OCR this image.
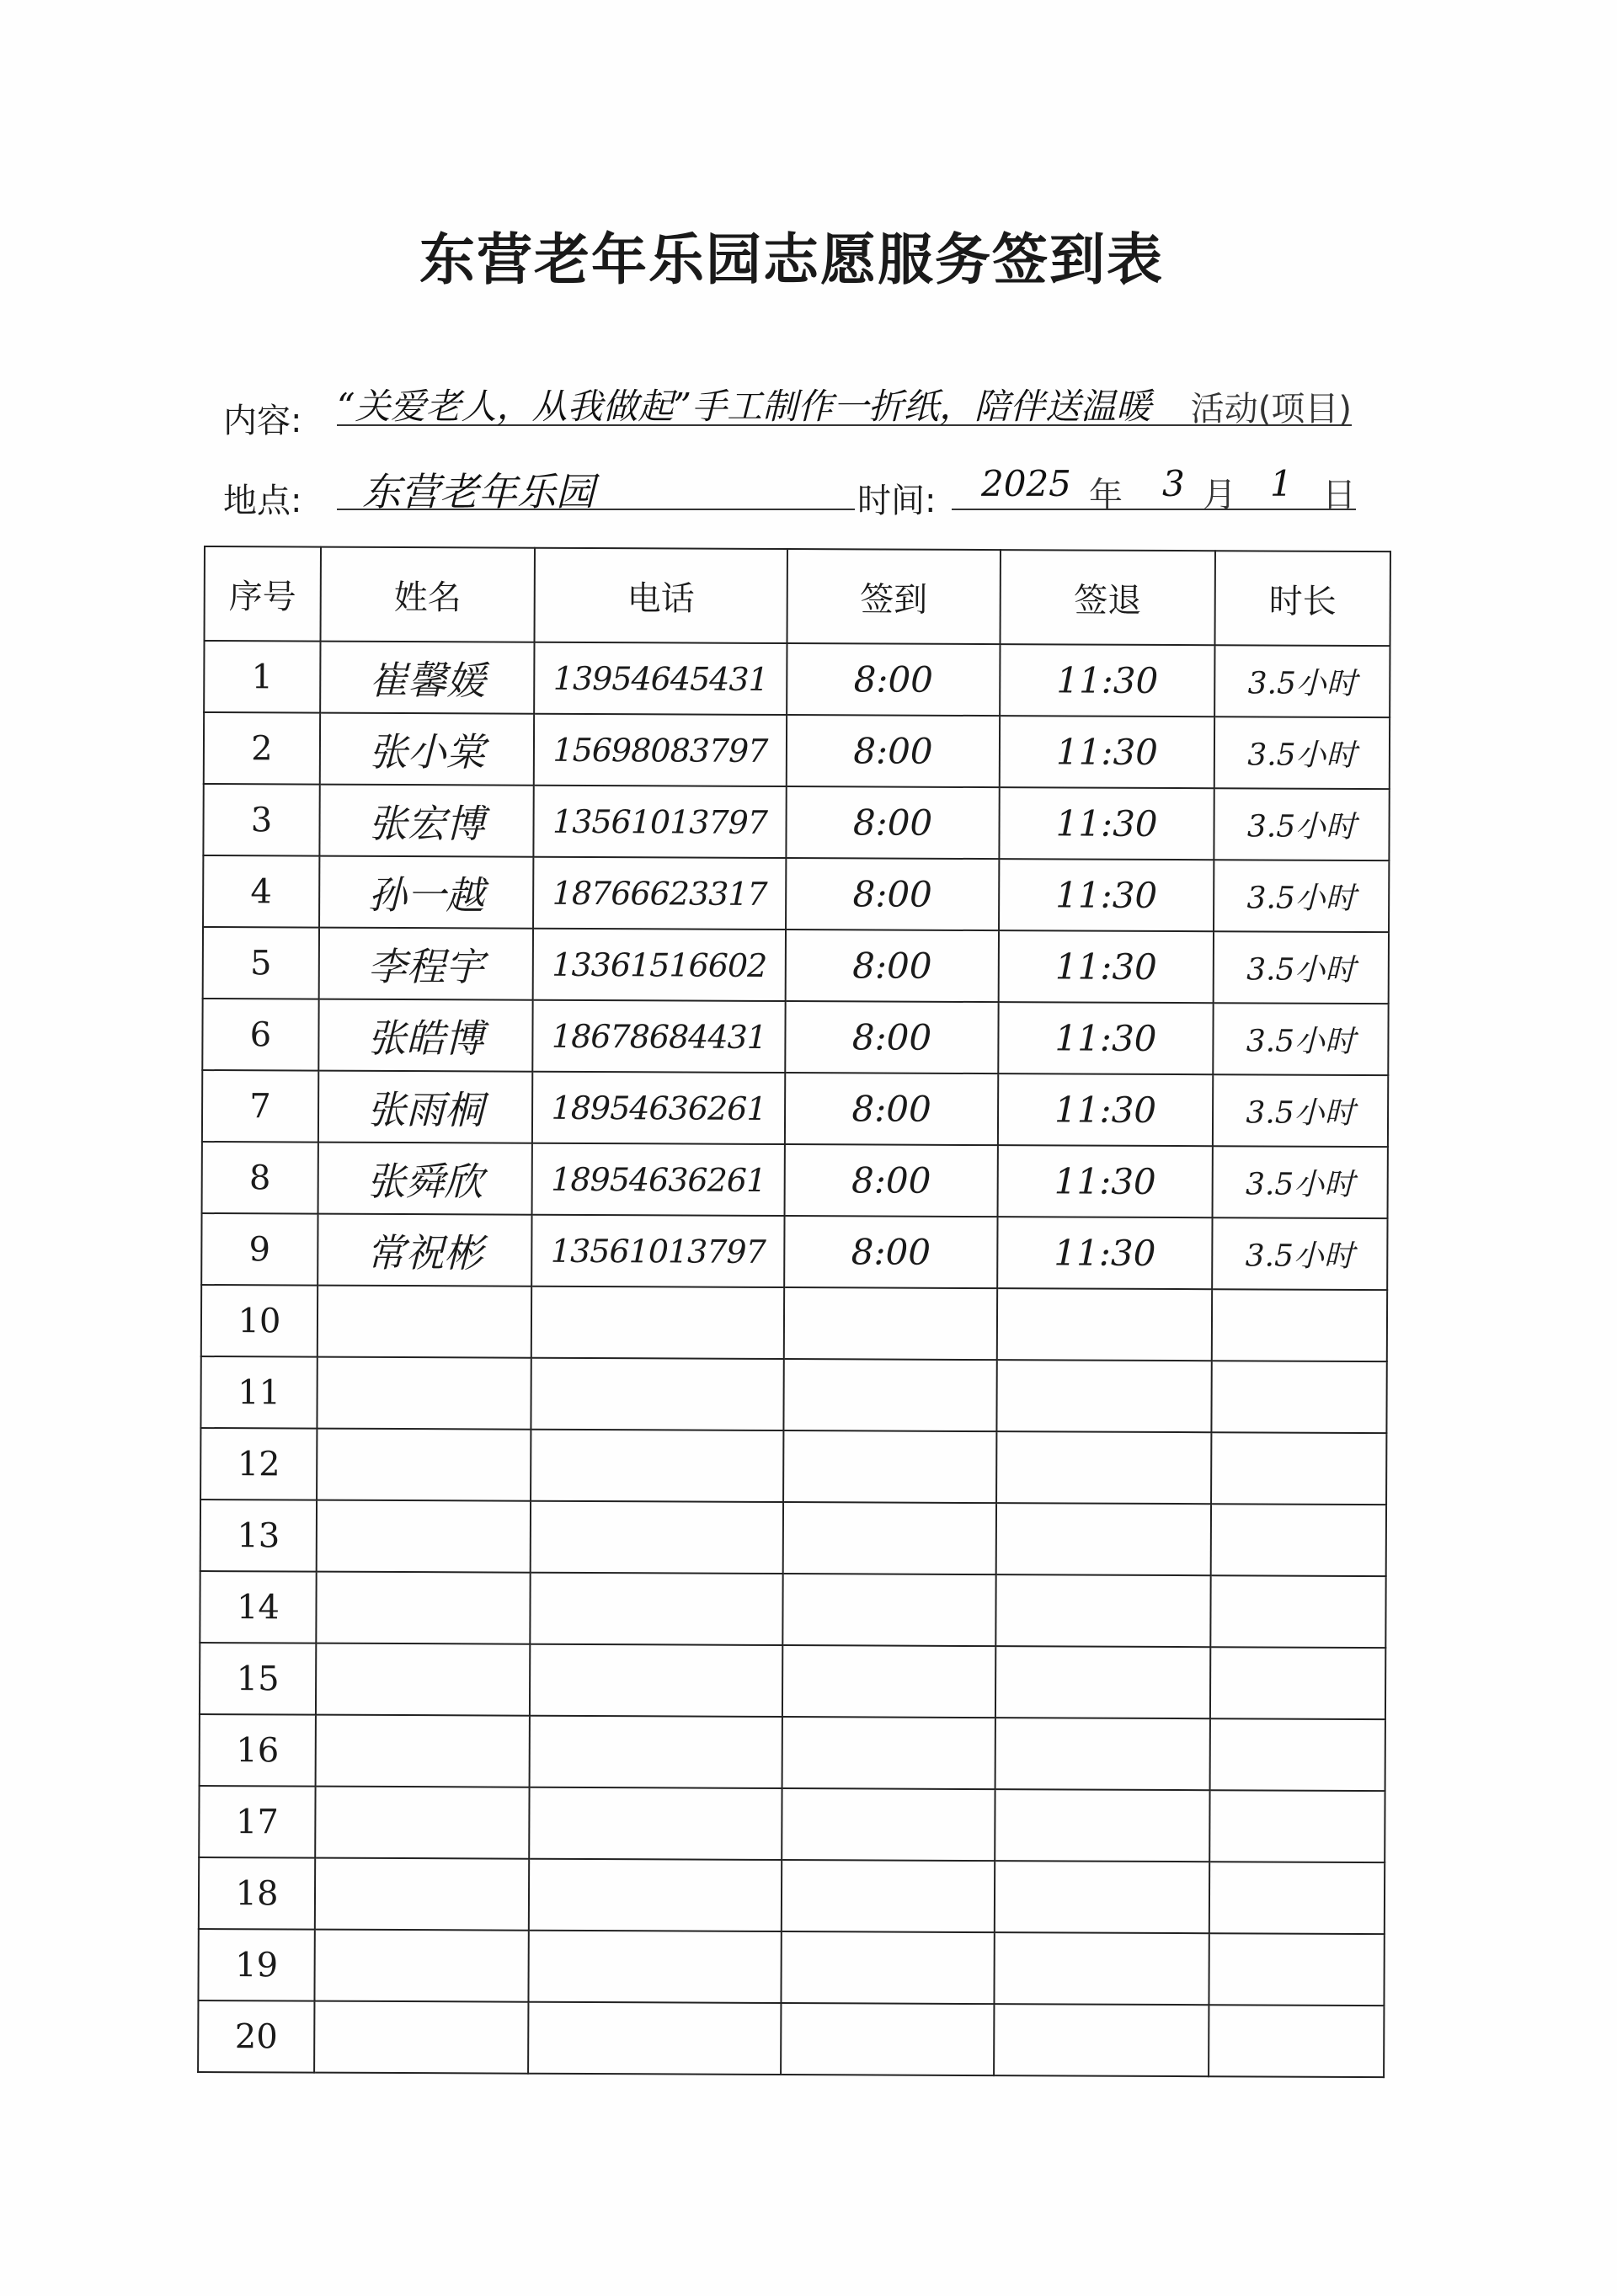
东营老年乐园志愿服务签到表
内容: “关爱老人，从我做起”手工制作一折纸，陪伴送温暖 活动(项目)
地点: 东营老年乐园	时间: 2025 年 3 月 1 日
序号	姓名	电话	签到	签退	时长
1	崔馨媛	13954645431	8:00	11:30	3.5小时
2	张小棠	15698083797	8:00	11:30	3.5小时
3	张宏博	13561013797	8:00	11:30	3.5小时
4	孙一越	18766623317	8:00	11:30	3.5小时
5	李程宇	13361516602	8:00	11:30	3.5小时
6	张皓博	18678684431	8:00	11:30	3.5小时
7	张雨桐	18954636261	8:00	11:30	3.5小时
8	张舜欣	18954636261	8:00	11:30	3.5小时
9	常祝彬	13561013797	8:00	11:30	3.5小时
10					
11					
12					
13					
14					
15					
16					
17					
18					
19					
20					
